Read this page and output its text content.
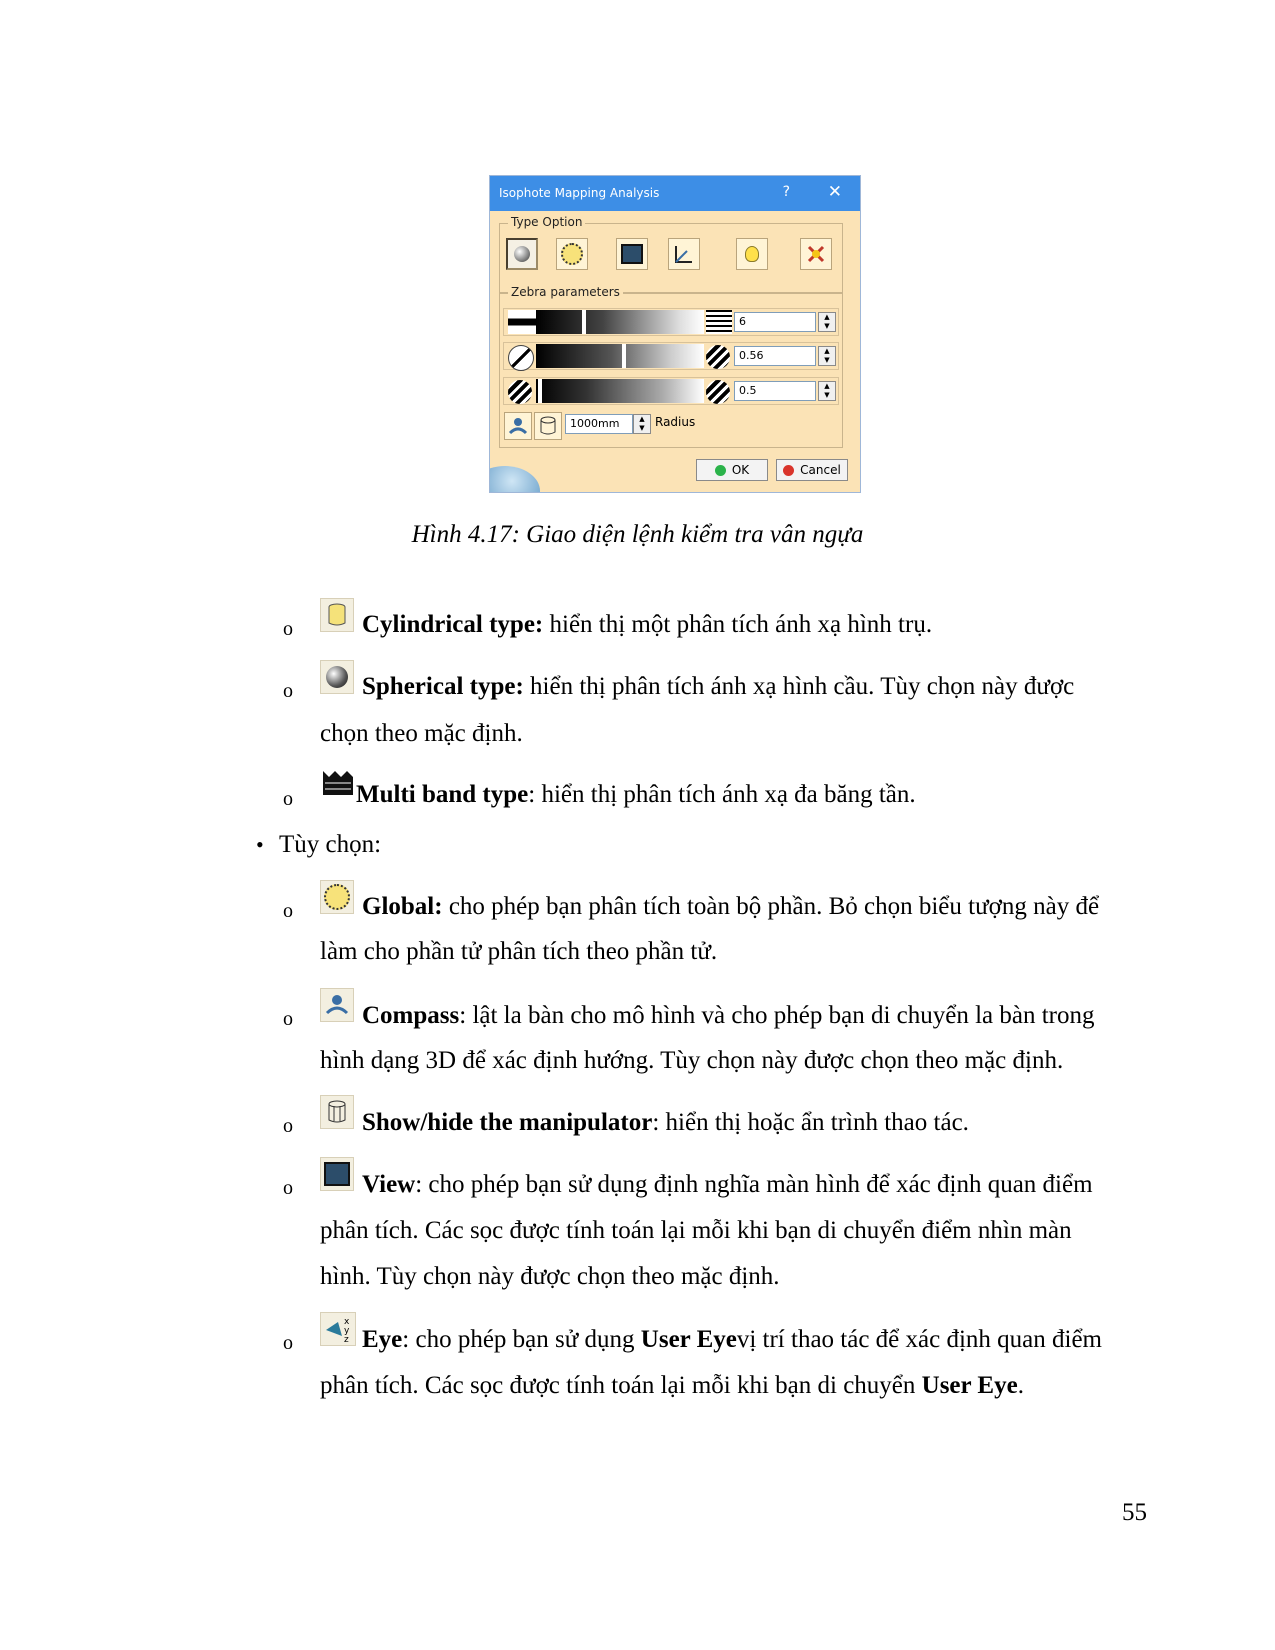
Isophote Mapping Analysis	? ✕
Type Option
Zebra parameters
6	▲
▼
0.56	▲
▼
0.5	▲
▼
1000mm	▲
▼ Radius
OK	Cancel
Hình 4.17: Giao diện lệnh kiểm tra vân ngựa
o	Cylindrical type: hiển thị một phân tích ánh xạ hình trụ.
o	Spherical type: hiển thị phân tích ánh xạ hình cầu. Tùy chọn này được
chọn theo mặc định.
o	Multi band type: hiển thị phân tích ánh xạ đa băng tần.
• Tùy chọn:
o	Global: cho phép bạn phân tích toàn bộ phần. Bỏ chọn biểu tượng này để
làm cho phần tử phân tích theo phần tử.
o	Compass: lật la bàn cho mô hình và cho phép bạn di chuyển la bàn trong
hình dạng 3D để xác định hướng. Tùy chọn này được chọn theo mặc định.
o	Show/hide the manipulator: hiển thị hoặc ẩn trình thao tác.
o	View: cho phép bạn sử dụng định nghĩa màn hình để xác định quan điểm
phân tích. Các sọc được tính toán lại mỗi khi bạn di chuyển điểm nhìn màn
hình. Tùy chọn này được chọn theo mặc định.
o
x
y
z Eye: cho phép bạn sử dụng User Eyevị trí thao tác để xác định quan điểm
phân tích. Các sọc được tính toán lại mỗi khi bạn di chuyển User Eye.
55
